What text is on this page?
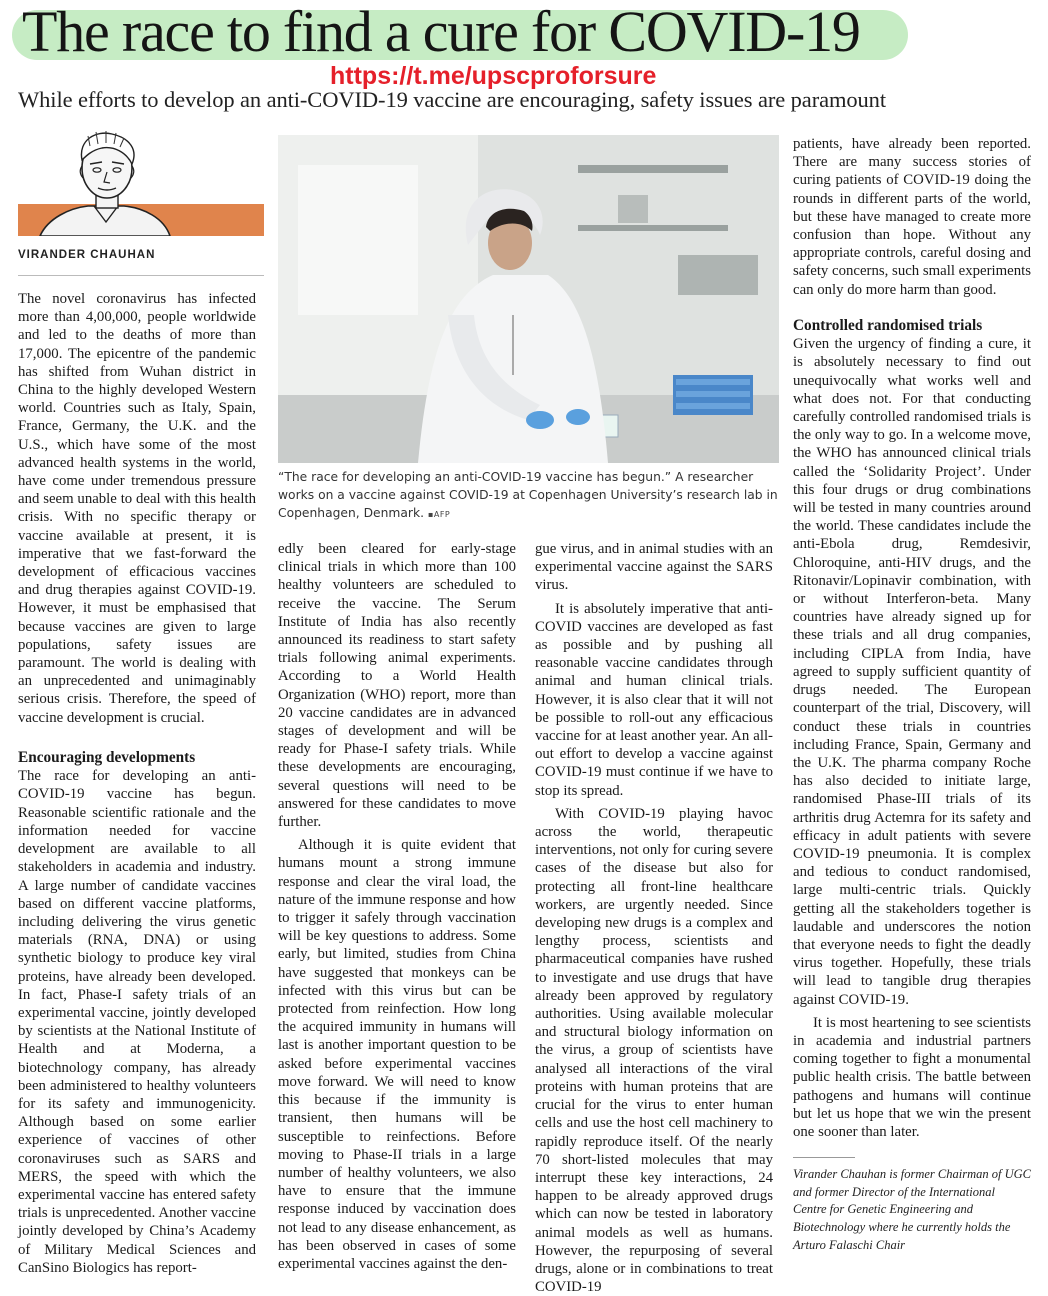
The race to find a cure for COVID-19
https://t.me/upscproforsure
While efforts to develop an anti-COVID-19 vaccine are encouraging, safety issues are paramount
VIRANDER CHAUHAN
“The race for developing an anti-COVID-19 vaccine has begun.” A researcher works on a vaccine against COVID-19 at Copenhagen University’s research lab in Copenhagen, Denmark. ▪AFP

The novel coronavirus has infected more than 4,00,000, people worldwide and led to the deaths of more than 17,000. The epicentre of the pandemic has shifted from Wuhan district in China to the highly developed Western world. Countries such as Italy, Spain, France, Germany, the U.K. and the U.S., which have some of the most advanced health systems in the world, have come under tremendous pressure and seem unable to deal with this health crisis. With no specific therapy or vaccine available at present, it is imperative that we fast-forward the development of efficacious vaccines and drug therapies against COVID-19. However, it must be emphasised that because vaccines are given to large populations, safety issues are paramount. The world is dealing with an unprecedented and unimaginably serious crisis. Therefore, the speed of vaccine development is crucial.

Encouraging developments

The race for developing an anti-COVID-19 vaccine has begun. Reasonable scientific rationale and the information needed for vaccine development are available to all stakeholders in academia and industry. A large number of candidate vaccines based on different vaccine platforms, including delivering the virus genetic materials (RNA, DNA) or using synthetic biology to produce key viral proteins, have already been developed. In fact, Phase-I safety trials of an experimental vaccine, jointly developed by scientists at the National Institute of Health and at Moderna, a biotechnology company, has already been administered to healthy volunteers for its safety and immunogenicity. Although based on some earlier experience of vaccines of other coronaviruses such as SARS and MERS, the speed with which the experimental vaccine has entered safety trials is unprecedented. Another vaccine jointly developed by China’s Academy of Military Medical Sciences and CanSino Biologics has report-

edly been cleared for early-stage clinical trials in which more than 100 healthy volunteers are scheduled to receive the vaccine. The Serum Institute of India has also recently announced its readiness to start safety trials following animal experiments. According to a World Health Organization (WHO) report, more than 20 vaccine candidates are in advanced stages of development and will be ready for Phase-I safety trials. While these developments are encouraging, several questions will need to be answered for these candidates to move further.

Although it is quite evident that humans mount a strong immune response and clear the viral load, the nature of the immune response and how to trigger it safely through vaccination will be key questions to address. Some early, but limited, studies from China have suggested that monkeys can be infected with this virus but can be protected from reinfection. How long the acquired immunity in humans will last is another important question to be asked before experimental vaccines move forward. We will need to know this because if the immunity is transient, then humans will be susceptible to reinfections. Before moving to Phase-II trials in a large number of healthy volunteers, we also have to ensure that the immune response induced by vaccination does not lead to any disease enhancement, as has been observed in cases of some experimental vaccines against the den-

gue virus, and in animal studies with an experimental vaccine against the SARS virus.

It is absolutely imperative that anti-COVID vaccines are developed as fast as possible and by pushing all reasonable vaccine candidates through animal and human clinical trials. However, it is also clear that it will not be possible to roll-out any efficacious vaccine for at least another year. An all-out effort to develop a vaccine against COVID-19 must continue if we have to stop its spread.

With COVID-19 playing havoc across the world, therapeutic interventions, not only for curing severe cases of the disease but also for protecting all front-line healthcare workers, are urgently needed. Since developing new drugs is a complex and lengthy process, scientists and pharmaceutical companies have rushed to investigate and use drugs that have already been approved by regulatory authorities. Using available molecular and structural biology information on the virus, a group of scientists have analysed all interactions of the viral proteins with human proteins that are crucial for the virus to enter human cells and use the host cell machinery to rapidly reproduce itself. Of the nearly 70 short-listed molecules that may interrupt these key interactions, 24 happen to be already approved drugs which can now be tested in laboratory animal models as well as humans. However, the repurposing of several drugs, alone or in combinations to treat COVID-19

patients, have already been reported. There are many success stories of curing patients of COVID-19 doing the rounds in different parts of the world, but these have managed to create more confusion than hope. Without any appropriate controls, careful dosing and safety concerns, such small experiments can only do more harm than good.

Controlled randomised trials

Given the urgency of finding a cure, it is absolutely necessary to find out unequivocally what works well and what does not. For that conducting carefully controlled randomised trials is the only way to go. In a welcome move, the WHO has announced clinical trials called the ‘Solidarity Project’. Under this four drugs or drug combinations will be tested in many countries around the world. These candidates include the anti-Ebola drug, Remdesivir, Chloroquine, anti-HIV drugs, and the Ritonavir/Lopinavir combination, with or without Interferon-beta. Many countries have already signed up for these trials and all drug companies, including CIPLA from India, have agreed to supply sufficient quantity of drugs needed. The European counterpart of the trial, Discovery, will conduct these trials in countries including France, Spain, Germany and the U.K. The pharma company Roche has also decided to initiate large, randomised Phase-III trials of its arthritis drug Actemra for its safety and efficacy in adult patients with severe COVID-19 pneumonia. It is complex and tedious to conduct randomised, large multi-centric trials. Quickly getting all the stakeholders together is laudable and underscores the notion that everyone needs to fight the deadly virus together. Hopefully, these trials will lead to tangible drug therapies against COVID-19.

It is most heartening to see scientists in academia and industrial partners coming together to fight a monumental public health crisis. The battle between pathogens and humans will continue but let us hope that we win the present one sooner than later.

Virander Chauhan is former Chairman of UGC and former Director of the International Centre for Genetic Engineering and Biotechnology where he currently holds the Arturo Falaschi Chair
